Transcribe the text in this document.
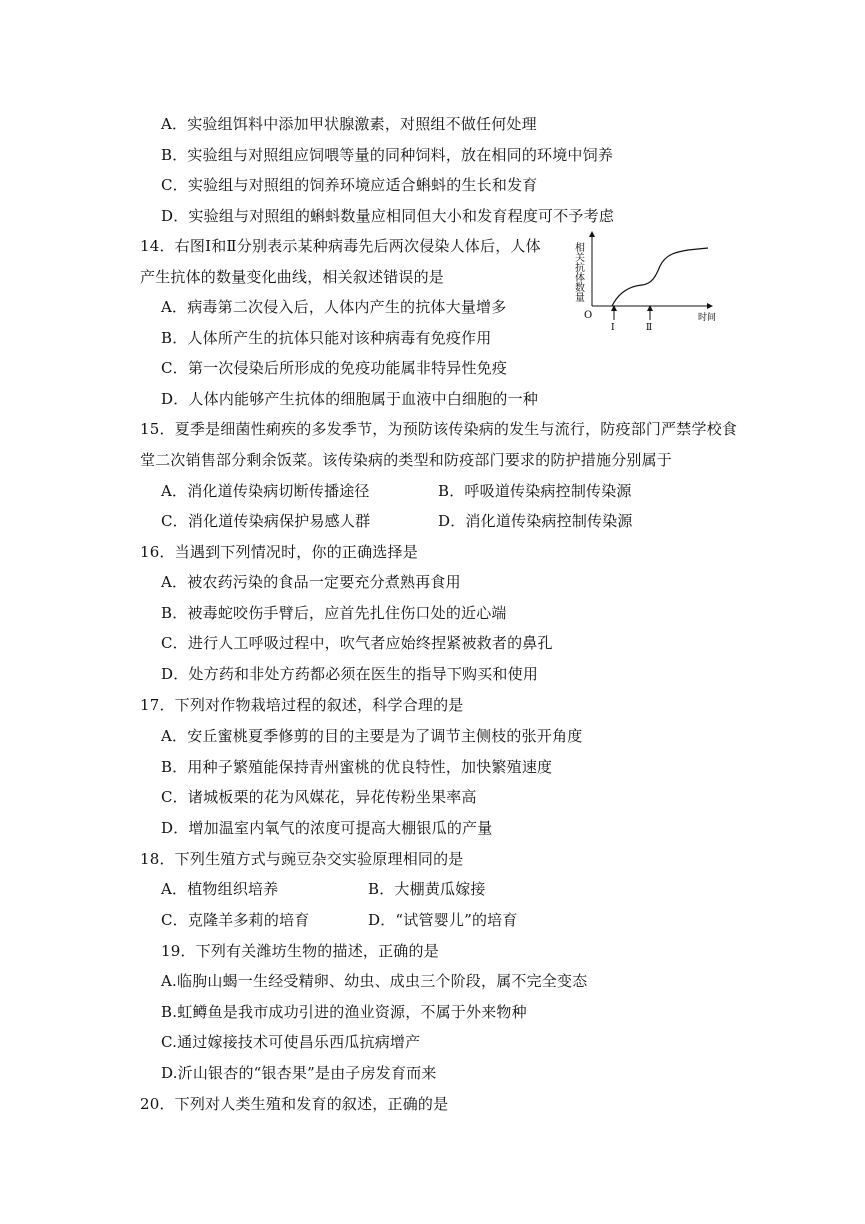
A．实验组饵料中添加甲状腺激素，对照组不做任何处理
B．实验组与对照组应饲喂等量的同种饲料，放在相同的环境中饲养
C．实验组与对照组的饲养环境应适合蝌蚪的生长和发育
D．实验组与对照组的蝌蚪数量应相同但大小和发育程度可不予考虑
14．右图Ⅰ和Ⅱ分别表示某种病毒先后两次侵染人体后，人体
产生抗体的数量变化曲线，相关叙述错误的是
A．病毒第二次侵入后，人体内产生的抗体大量增多
B．人体所产生的抗体只能对该种病毒有免疫作用
C．第一次侵染后所形成的免疫功能属非特异性免疫
D．人体内能够产生抗体的细胞属于血液中白细胞的一种
相关抗体数量
O
Ⅰ	Ⅱ
时间
15．夏季是细菌性痢疾的多发季节，为预防该传染病的发生与流行，防疫部门严禁学校食
堂二次销售部分剩余饭菜。该传染病的类型和防疫部门要求的防护措施分别属于
A．消化道传染病切断传播途径	B．呼吸道传染病控制传染源
C．消化道传染病保护易感人群	D．消化道传染病控制传染源
16．当遇到下列情况时，你的正确选择是
A．被农药污染的食品一定要充分煮熟再食用
B．被毒蛇咬伤手臂后，应首先扎住伤口处的近心端
C．进行人工呼吸过程中，吹气者应始终捏紧被救者的鼻孔
D．处方药和非处方药都必须在医生的指导下购买和使用
17．下列对作物栽培过程的叙述，科学合理的是
A．安丘蜜桃夏季修剪的目的主要是为了调节主侧枝的张开角度
B．用种子繁殖能保持青州蜜桃的优良特性，加快繁殖速度
C．诸城板栗的花为风媒花，异花传粉坐果率高
D．增加温室内氧气的浓度可提高大棚银瓜的产量
18．下列生殖方式与豌豆杂交实验原理相同的是
A．植物组织培养	B．大棚黄瓜嫁接
C．克隆羊多莉的培育	D．“试管婴儿”的培育
19．下列有关潍坊生物的描述，正确的是
A.临朐山蝎一生经受精卵、幼虫、成虫三个阶段，属不完全变态
B.虹鳟鱼是我市成功引进的渔业资源，不属于外来物种
C.通过嫁接技术可使昌乐西瓜抗病增产
D.沂山银杏的“银杏果”是由子房发育而来
20．下列对人类生殖和发育的叙述，正确的是
